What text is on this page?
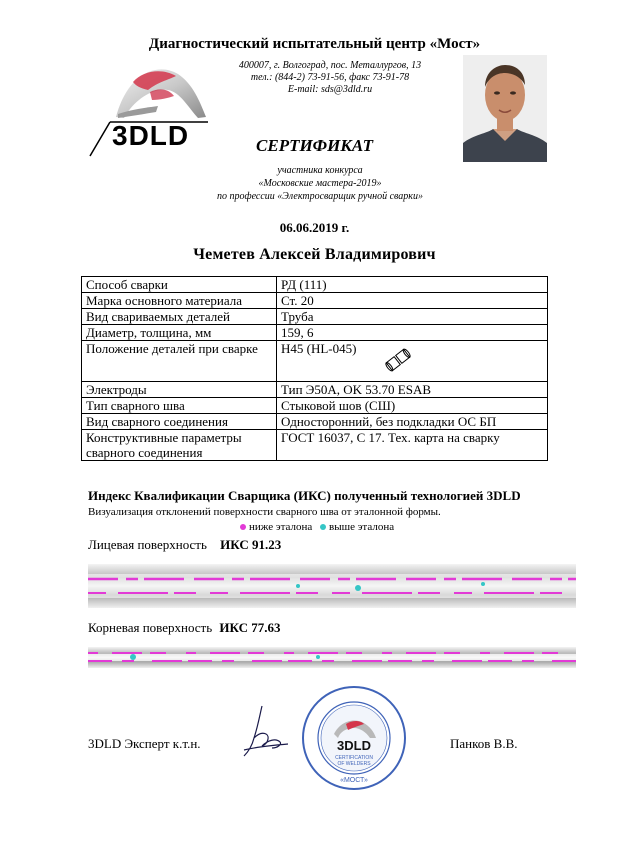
Диагностический испытательный центр «Мост»
3DLD
400007, г. Волгоград, пос. Металлургов, 13
тел.: (844-2) 73-91-56, факс 73-91-78
E-mail: sds@3dld.ru
СЕРТИФИКАТ
участника конкурса
«Московские мастера-2019»
по профессии «Электросварщик ручной сварки»
06.06.2019 г.
Чеметев Алексей Владимирович
Способ сварки	РД (111)
Марка основного материала	Ст. 20
Вид свариваемых деталей	Труба
Диаметр, толщина, мм	159, 6
Положение деталей при сварке	Н45 (HL-045)

Электроды	Тип Э50А, OK 53.70 ESAB
Тип сварного шва	Стыковой шов (СШ)
Вид сварного соединения	Односторонний, без подкладки ОС БП
Конструктивные параметры сварного соединения	ГОСТ 16037, С 17. Тех. карта на сварку
Индекс Квалификации Сварщика (ИКС) полученный технологией 3DLD
Визуализация отклонений поверхности сварного шва от эталонной формы.
ниже эталона выше эталона
Лицевая поверхность ИКС 91.23
Корневая поверхность ИКС 77.63
3DLD Эксперт к.т.н.	3DLD
CERTIFICATION
OF WELDERS
«МОСТ»
Панков В.В.
